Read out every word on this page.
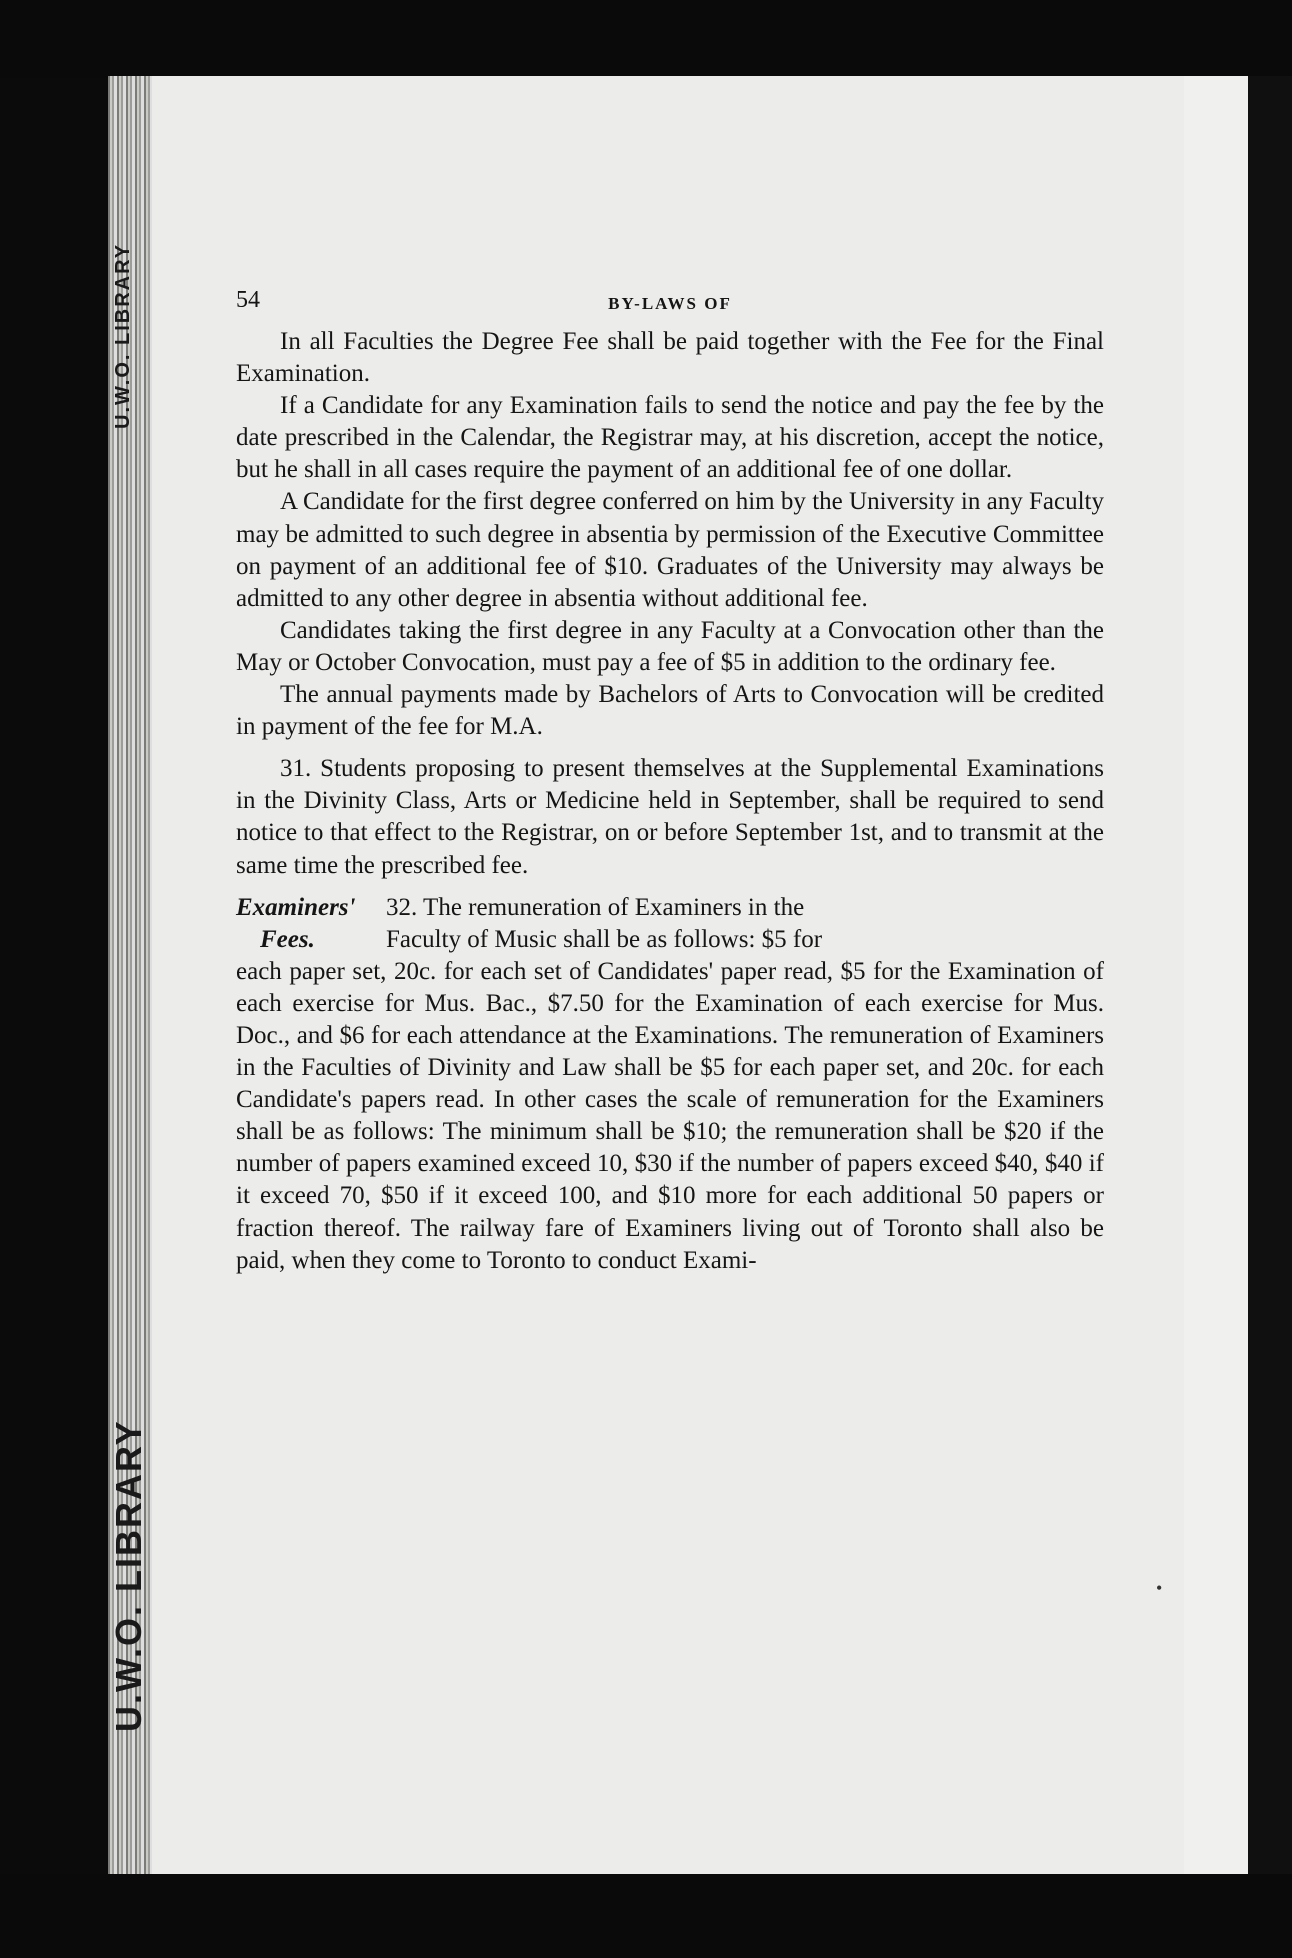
U.W.O. LIBRARY
U.W.O. LIBRARY
54	BY-LAWS OF

In all Faculties the Degree Fee shall be paid together with the Fee for the Final Examination.

If a Candidate for any Examination fails to send the notice and pay the fee by the date prescribed in the Calendar, the Registrar may, at his discretion, accept the notice, but he shall in all cases require the payment of an additional fee of one dollar.

A Candidate for the first degree conferred on him by the University in any Faculty may be admitted to such degree in absentia by permission of the Executive Committee on payment of an additional fee of $10. Graduates of the University may always be admitted to any other degree in absentia without additional fee.

Candidates taking the first degree in any Faculty at a Convocation other than the May or October Convocation, must pay a fee of $5 in addition to the ordinary fee.

The annual payments made by Bachelors of Arts to Convocation will be credited in payment of the fee for M.A.

31. Students proposing to present themselves at the Supplemental Examinations in the Divinity Class, Arts or Medicine held in September, shall be required to send notice to that effect to the Registrar, on or before September 1st, and to transmit at the same time the prescribed fee.

Examiners'
Fees.
32. The remuneration of Examiners in the
Faculty of Music shall be as follows: $5 for

each paper set, 20c. for each set of Candidates' paper read, $5 for the Examination of each exercise for Mus. Bac., $7.50 for the Examination of each exercise for Mus. Doc., and $6 for each attendance at the Examinations. The remuneration of Examiners in the Faculties of Divinity and Law shall be $5 for each paper set, and 20c. for each Candidate's papers read. In other cases the scale of remuneration for the Examiners shall be as follows: The minimum shall be $10; the remuneration shall be $20 if the number of papers examined exceed 10, $30 if the number of papers exceed $40, $40 if it exceed 70, $50 if it exceed 100, and $10 more for each additional 50 papers or fraction thereof. The railway fare of Examiners living out of Toronto shall also be paid, when they come to Toronto to conduct Exami-

•
